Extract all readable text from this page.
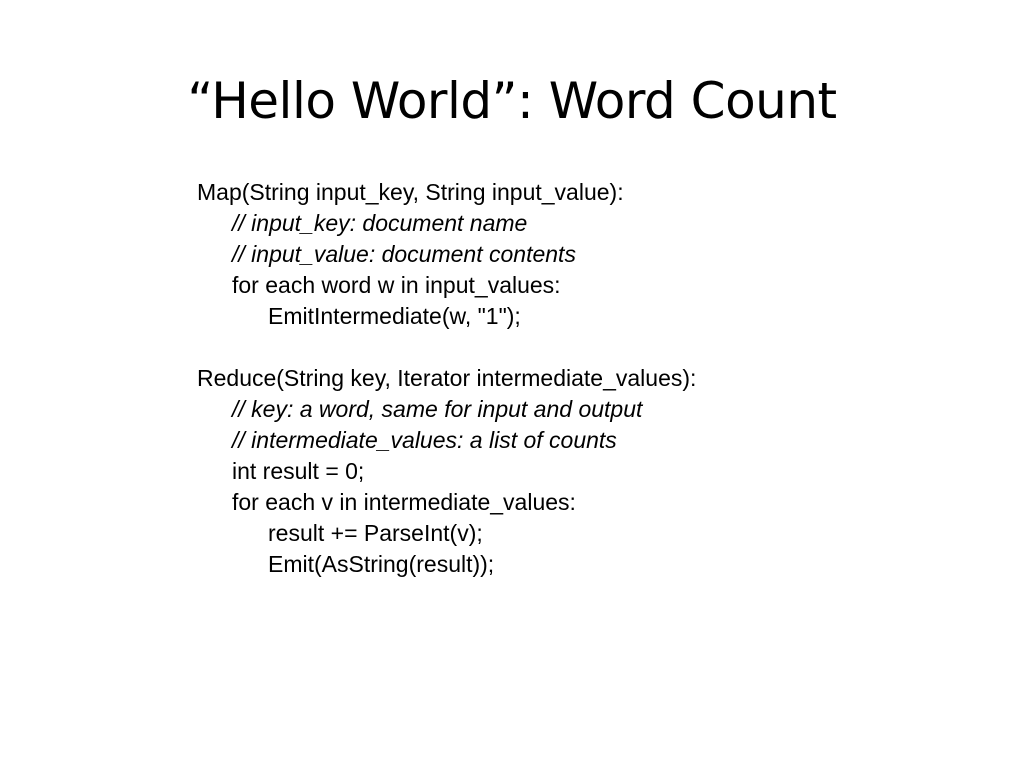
“Hello World”: Word Count
Map(String input_key, String input_value):
// input_key: document name
// input_value: document contents
for each word w in input_values:
EmitIntermediate(w, "1");
Reduce(String key, Iterator intermediate_values):
// key: a word, same for input and output
// intermediate_values: a list of counts
int result = 0;
for each v in intermediate_values:
result += ParseInt(v);
Emit(AsString(result));
